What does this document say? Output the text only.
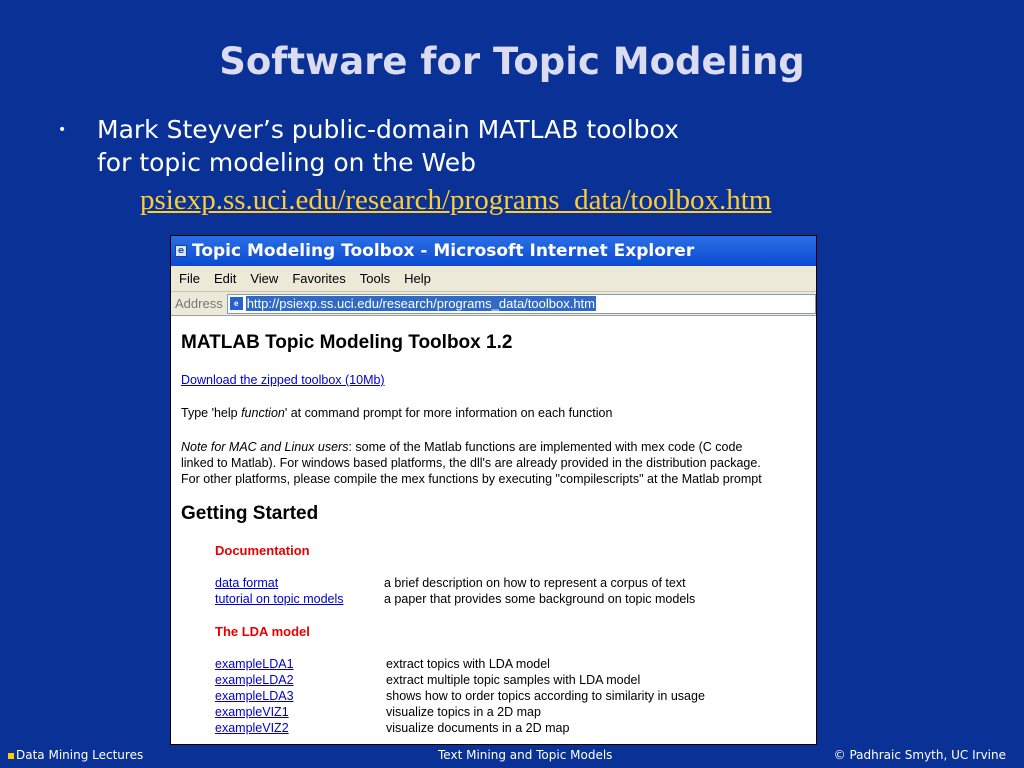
Software for Topic Modeling
• Mark Steyver’s public-domain MATLAB toolbox
for topic modeling on the Web
psiexp.ss.uci.edu/research/programs_data/toolbox.htm
e Topic Modeling Toolbox - Microsoft Internet Explorer
File Edit View Favorites Tools Help
Address	e http://psiexp.ss.uci.edu/research/programs_data/toolbox.htm
MATLAB Topic Modeling Toolbox 1.2
Download the zipped toolbox (10Mb)
Type 'help function' at command prompt for more information on each function
Note for MAC and Linux users: some of the Matlab functions are implemented with mex code (C code
linked to Matlab). For windows based platforms, the dll's are already provided in the distribution package.
For other platforms, please compile the mex functions by executing "compilescripts" at the Matlab prompt
Getting Started
Documentation
data format	a brief description on how to represent a corpus of text
tutorial on topic models	a paper that provides some background on topic models
The LDA model
exampleLDA1	extract topics with LDA model
exampleLDA2	extract multiple topic samples with LDA model
exampleLDA3	shows how to order topics according to similarity in usage
exampleVIZ1	visualize topics in a 2D map
exampleVIZ2	visualize documents in a 2D map
Data Mining Lectures	Text Mining and Topic Models	© Padhraic Smyth, UC Irvine
